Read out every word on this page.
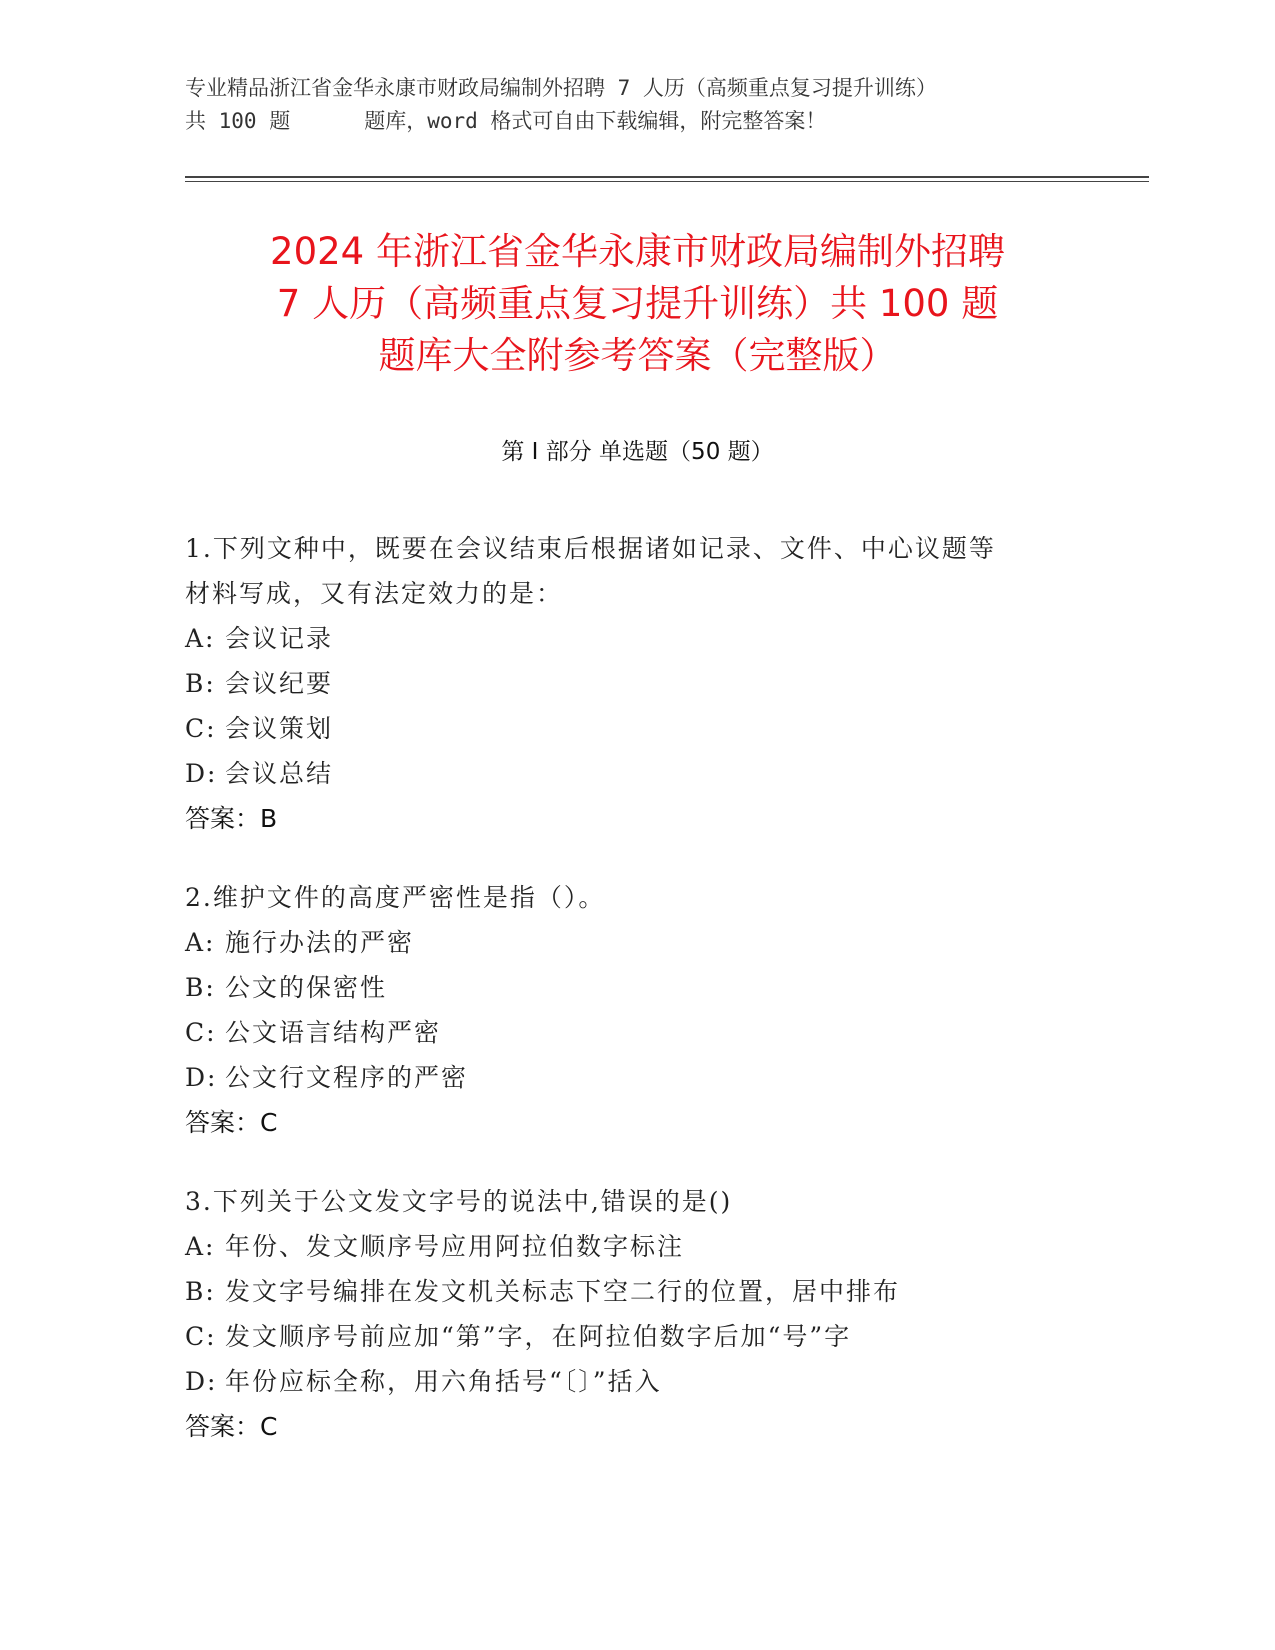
专业精品浙江省金华永康市财政局编制外招聘 7 人历（高频重点复习提升训练）
共 100 题	题库，word 格式可自由下载编辑，附完整答案！
2024 年浙江省金华永康市财政局编制外招聘
7 人历（高频重点复习提升训练）共 100 题
题库大全附参考答案（完整版）
第 I 部分 单选题（50 题）
1.下列文种中，既要在会议结束后根据诸如记录、文件、中心议题等
材料写成，又有法定效力的是：
A: 会议记录
B: 会议纪要
C: 会议策划
D: 会议总结
答案：B
2.维护文件的高度严密性是指（）。
A: 施行办法的严密
B: 公文的保密性
C: 公文语言结构严密
D: 公文行文程序的严密
答案：C
3.下列关于公文发文字号的说法中,错误的是()
A: 年份、发文顺序号应用阿拉伯数字标注
B: 发文字号编排在发文机关标志下空二行的位置，居中排布
C: 发文顺序号前应加“第”字，在阿拉伯数字后加“号”字
D: 年份应标全称，用六角括号“〔〕”括入
答案：C
